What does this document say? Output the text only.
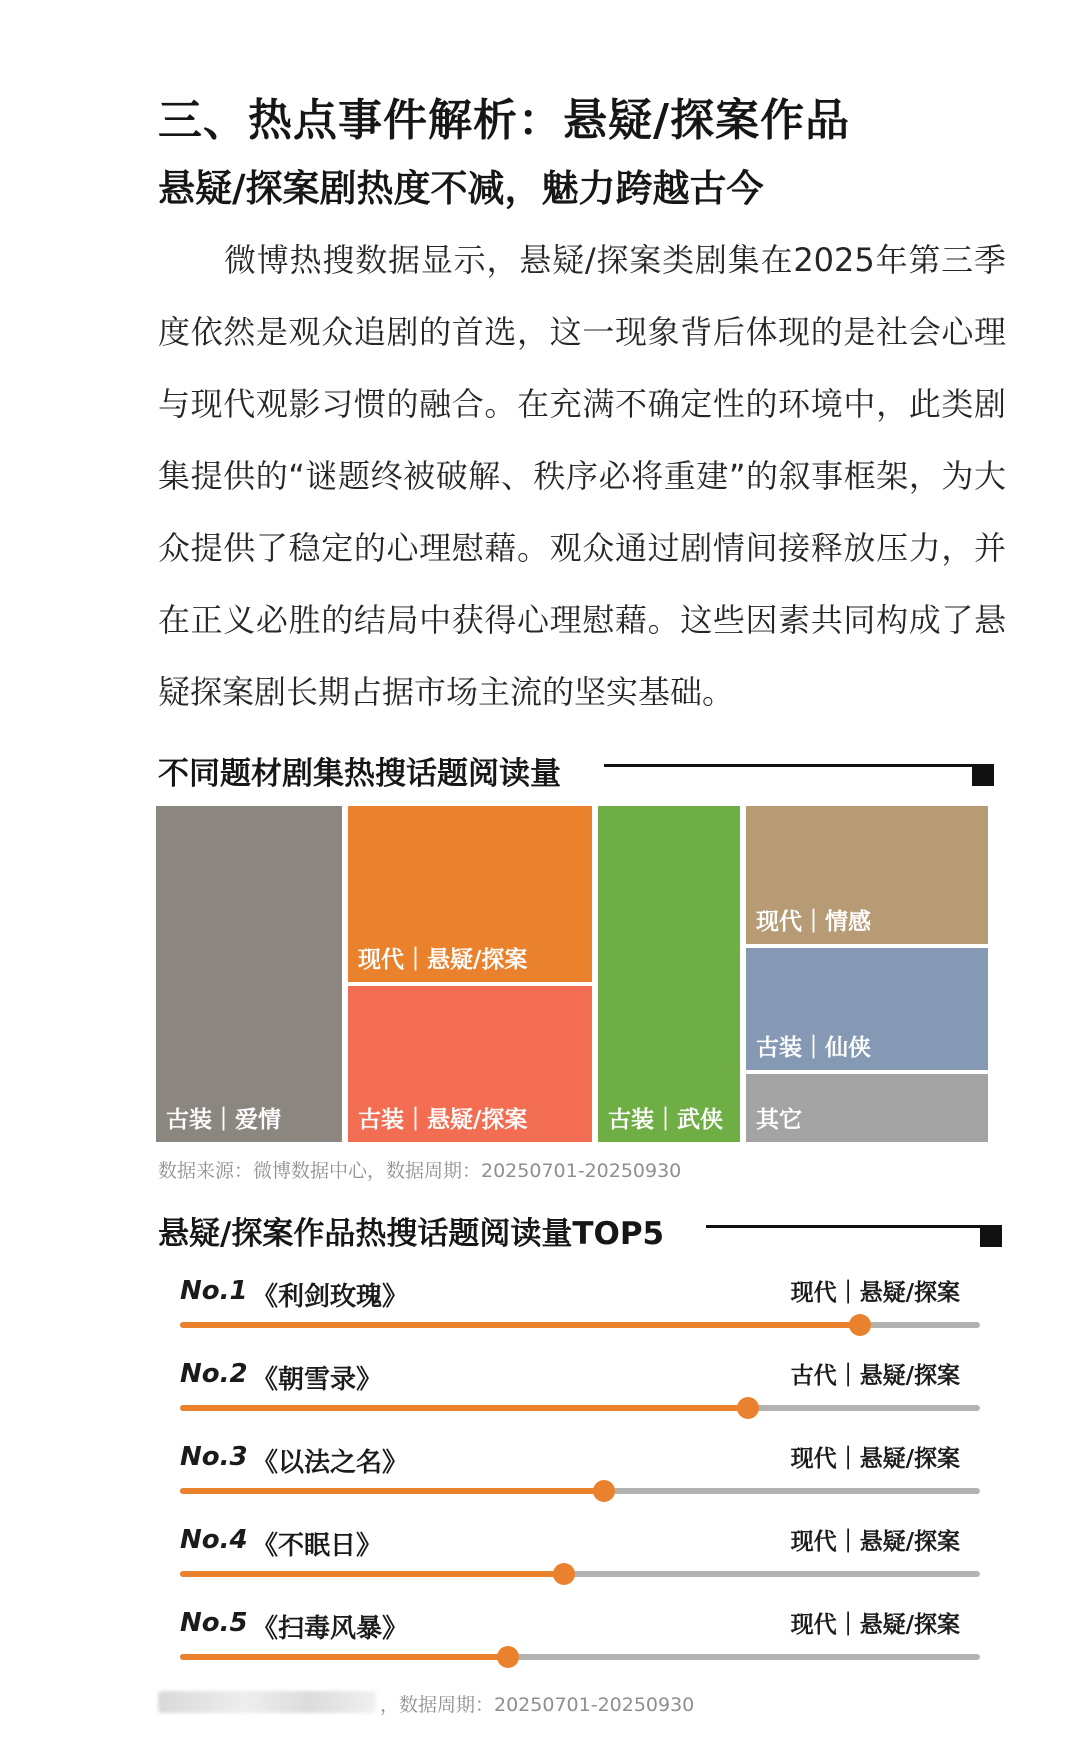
三、热点事件解析：悬疑/探案作品
悬疑/探案剧热度不减，魅力跨越古今

微博热搜数据显示，悬疑/探案类剧集在2025年第三季度依然是观众追剧的首选，这一现象背后体现的是社会心理与现代观影习惯的融合。在充满不确定性的环境中，此类剧集提供的“谜题终被破解、秩序必将重建”的叙事框架，为大众提供了稳定的心理慰藉。观众通过剧情间接释放压力，并在正义必胜的结局中获得心理慰藉。这些因素共同构成了悬疑探案剧长期占据市场主流的坚实基础。

不同题材剧集热搜话题阅读量
古装｜爱情
现代｜悬疑/探案
古装｜悬疑/探案	古装｜武侠
现代｜情感
古装｜仙侠
其它
数据来源：微博数据中心，数据周期：20250701-20250930
悬疑/探案作品热搜话题阅读量TOP5
No.1 《利剑玫瑰》	现代｜悬疑/探案
No.2 《朝雪录》	古代｜悬疑/探案
No.3 《以法之名》	现代｜悬疑/探案
No.4 《不眠日》	现代｜悬疑/探案
No.5 《扫毒风暴》	现代｜悬疑/探案
，数据周期：20250701-20250930
